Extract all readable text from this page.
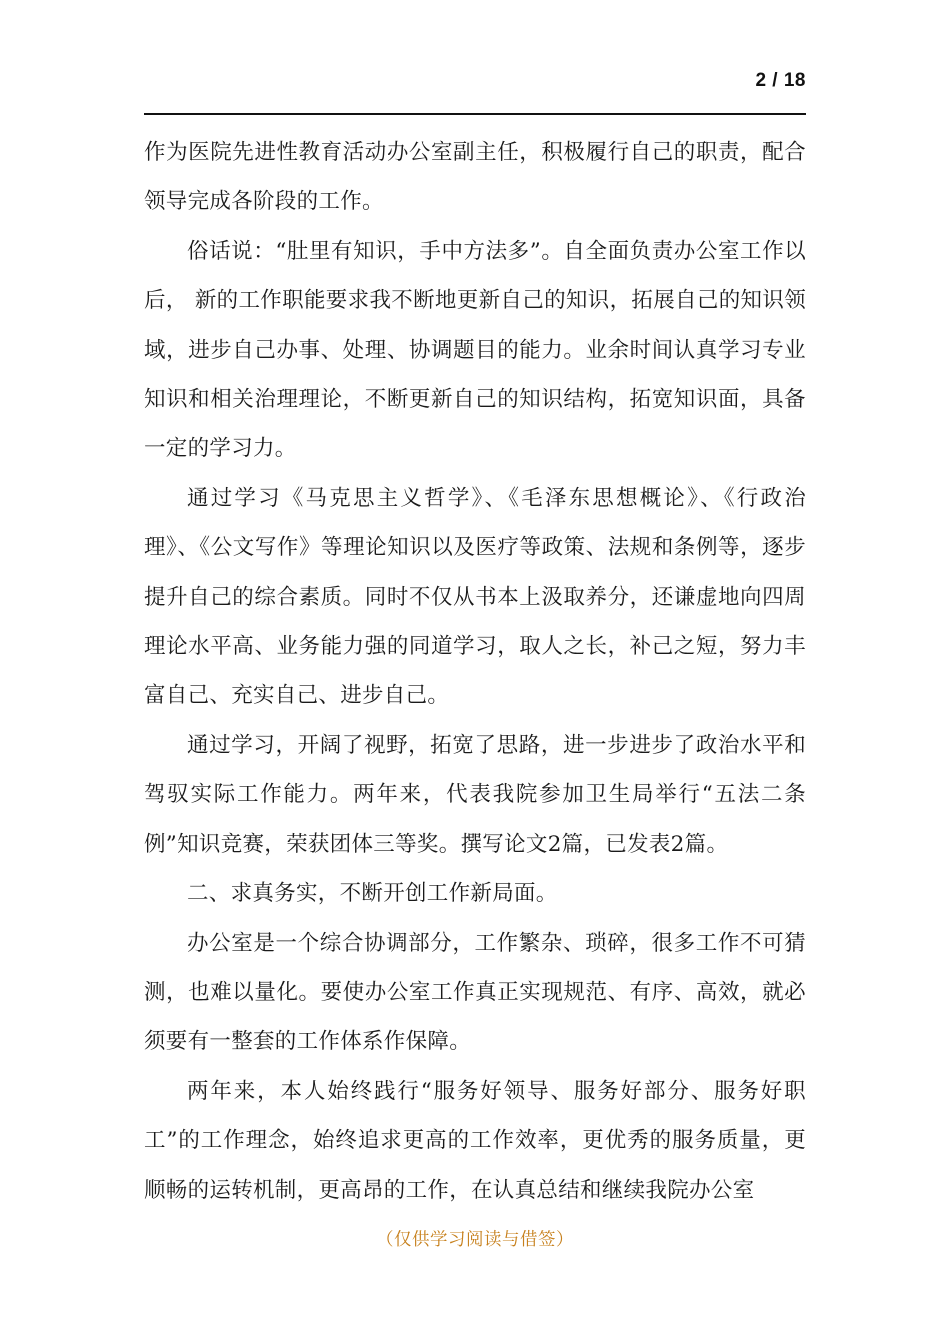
2 / 18

作为医院先进性教育活动办公室副主任，积极履行自己的职责，配合领导完成各阶段的工作。

俗话说：“肚里有知识，手中方法多”。自全面负责办公室工作以后， 新的工作职能要求我不断地更新自己的知识，拓展自己的知识领域，进步自己办事、处理、协调题目的能力。业余时间认真学习专业知识和相关治理理论，不断更新自己的知识结构，拓宽知识面，具备一定的学习力。

通过学习《马克思主义哲学》、《毛泽东思想概论》、《行政治理》、《公文写作》等理论知识以及医疗等政策、法规和条例等，逐步提升自己的综合素质。同时不仅从书本上汲取养分，还谦虚地向四周理论水平高、业务能力强的同道学习，取人之长，补己之短，努力丰富自己、充实自己、进步自己。

通过学习，开阔了视野，拓宽了思路，进一步进步了政治水平和驾驭实际工作能力。两年来，代表我院参加卫生局举行“五法二条例”知识竞赛，荣获团体三等奖。撰写论文2篇，已发表2篇。

二、求真务实，不断开创工作新局面。

办公室是一个综合协调部分，工作繁杂、琐碎，很多工作不可猜测，也难以量化。要使办公室工作真正实现规范、有序、高效，就必须要有一整套的工作体系作保障。

两年来，本人始终践行“服务好领导、服务好部分、服务好职工”的工作理念，始终追求更高的工作效率，更优秀的服务质量，更顺畅的运转机制，更高昂的工作，在认真总结和继续我院办公室

（仅供学习阅读与借签）
